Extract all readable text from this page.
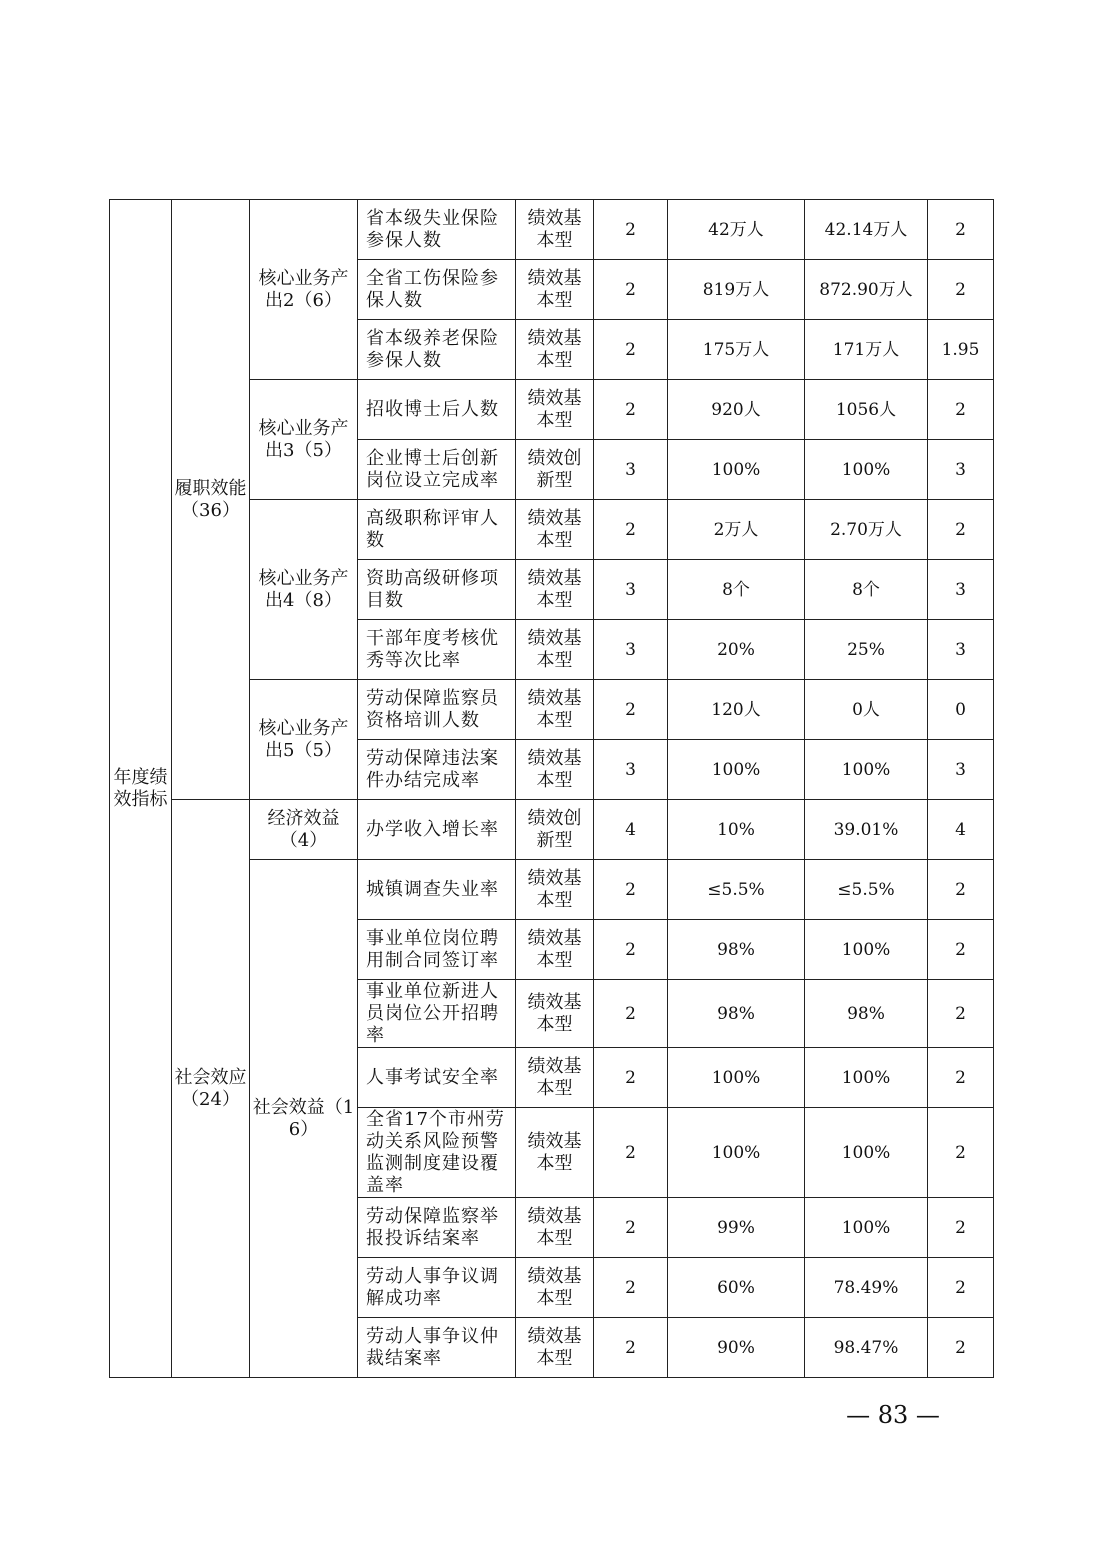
年度绩效指标	履职效能（36）	核心业务产出2（6）	省本级失业保险参保人数	绩效基本型	2	42万人	42.14万人	2
			全省工伤保险参保人数	绩效基本型	2	819万人	872.90万人	2
			省本级养老保险参保人数	绩效基本型	2	175万人	171万人	1.95
		核心业务产出3（5）	招收博士后人数	绩效基本型	2	920人	1056人	2
			企业博士后创新岗位设立完成率	绩效创新型	3	100%	100%	3
		核心业务产出4（8）	高级职称评审人数	绩效基本型	2	2万人	2.70万人	2
			资助高级研修项目数	绩效基本型	3	8个	8个	3
			干部年度考核优秀等次比率	绩效基本型	3	20%	25%	3
		核心业务产出5（5）	劳动保障监察员资格培训人数	绩效基本型	2	120人	0人	0
			劳动保障违法案件办结完成率	绩效基本型	3	100%	100%	3
	社会效应（24）	经济效益（4）	办学收入增长率	绩效创新型	4	10%	39.01%	4
		社会效益（16）	城镇调查失业率	绩效基本型	2	≤5.5%	≤5.5%	2
			事业单位岗位聘用制合同签订率	绩效基本型	2	98%	100%	2
			事业单位新进人员岗位公开招聘率	绩效基本型	2	98%	98%	2
			人事考试安全率	绩效基本型	2	100%	100%	2
			全省17个市州劳动关系风险预警监测制度建设覆盖率	绩效基本型	2	100%	100%	2
			劳动保障监察举报投诉结案率	绩效基本型	2	99%	100%	2
			劳动人事争议调解成功率	绩效基本型	2	60%	78.49%	2
			劳动人事争议仲裁结案率	绩效基本型	2	90%	98.47%	2
— 83 —
